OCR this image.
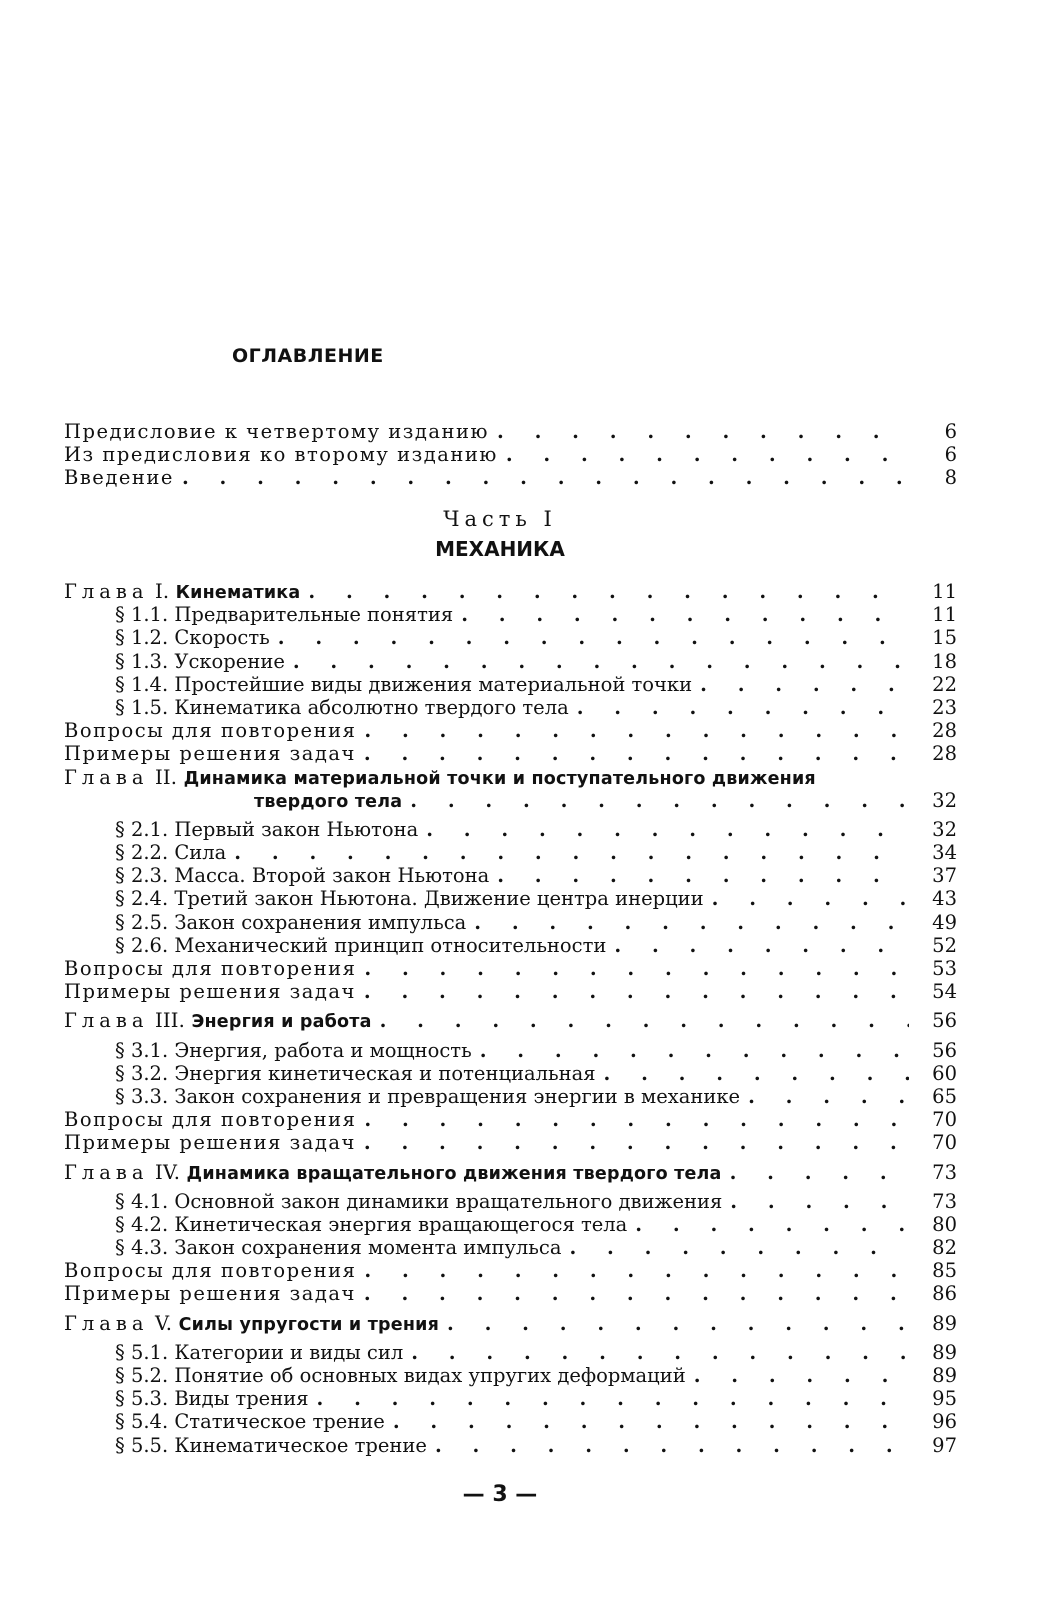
ОГЛАВЛЕНИЕ
Предисловие к четвертому изданию . . .	6
Из предисловия ко второму изданию . . .	6
Введение . . .	8
Часть I
МЕХАНИКА
Глава I. Кинематика . . .	11
§ 1.1. Предварительные понятия . . .	11
§ 1.2. Скорость . . .	15
§ 1.3. Ускорение . . .	18
§ 1.4. Простейшие виды движения материальной точки . . .	22
§ 1.5. Кинематика абсолютно твердого тела . . .	23
Вопросы для повторения . . .	28
Примеры решения задач . . .	28
Глава II. Динамика материальной точки и поступательного движения
твердого тела . . .	32
§ 2.1. Первый закон Ньютона . . .	32
§ 2.2. Сила . . .	34
§ 2.3. Масса. Второй закон Ньютона . . .	37
§ 2.4. Третий закон Ньютона. Движение центра инерции . . .	43
§ 2.5. Закон сохранения импульса . . .	49
§ 2.6. Механический принцип относительности . . .	52
Вопросы для повторения . . .	53
Примеры решения задач . . .	54
Глава III. Энергия и работа . . .	56
§ 3.1. Энергия, работа и мощность . . .	56
§ 3.2. Энергия кинетическая и потенциальная . . .	60
§ 3.3. Закон сохранения и превращения энергии в механике . . .	65
Вопросы для повторения . . .	70
Примеры решения задач . . .	70
Глава IV. Динамика вращательного движения твердого тела . . .	73
§ 4.1. Основной закон динамики вращательного движения . . .	73
§ 4.2. Кинетическая энергия вращающегося тела . . .	80
§ 4.3. Закон сохранения момента импульса . . .	82
Вопросы для повторения . . .	85
Примеры решения задач . . .	86
Глава V. Силы упругости и трения . . .	89
§ 5.1. Категории и виды сил . . .	89
§ 5.2. Понятие об основных видах упругих деформаций . . .	89
§ 5.3. Виды трения . . .	95
§ 5.4. Статическое трение . . .	96
§ 5.5. Кинематическое трение . . .	97
— 3 —
